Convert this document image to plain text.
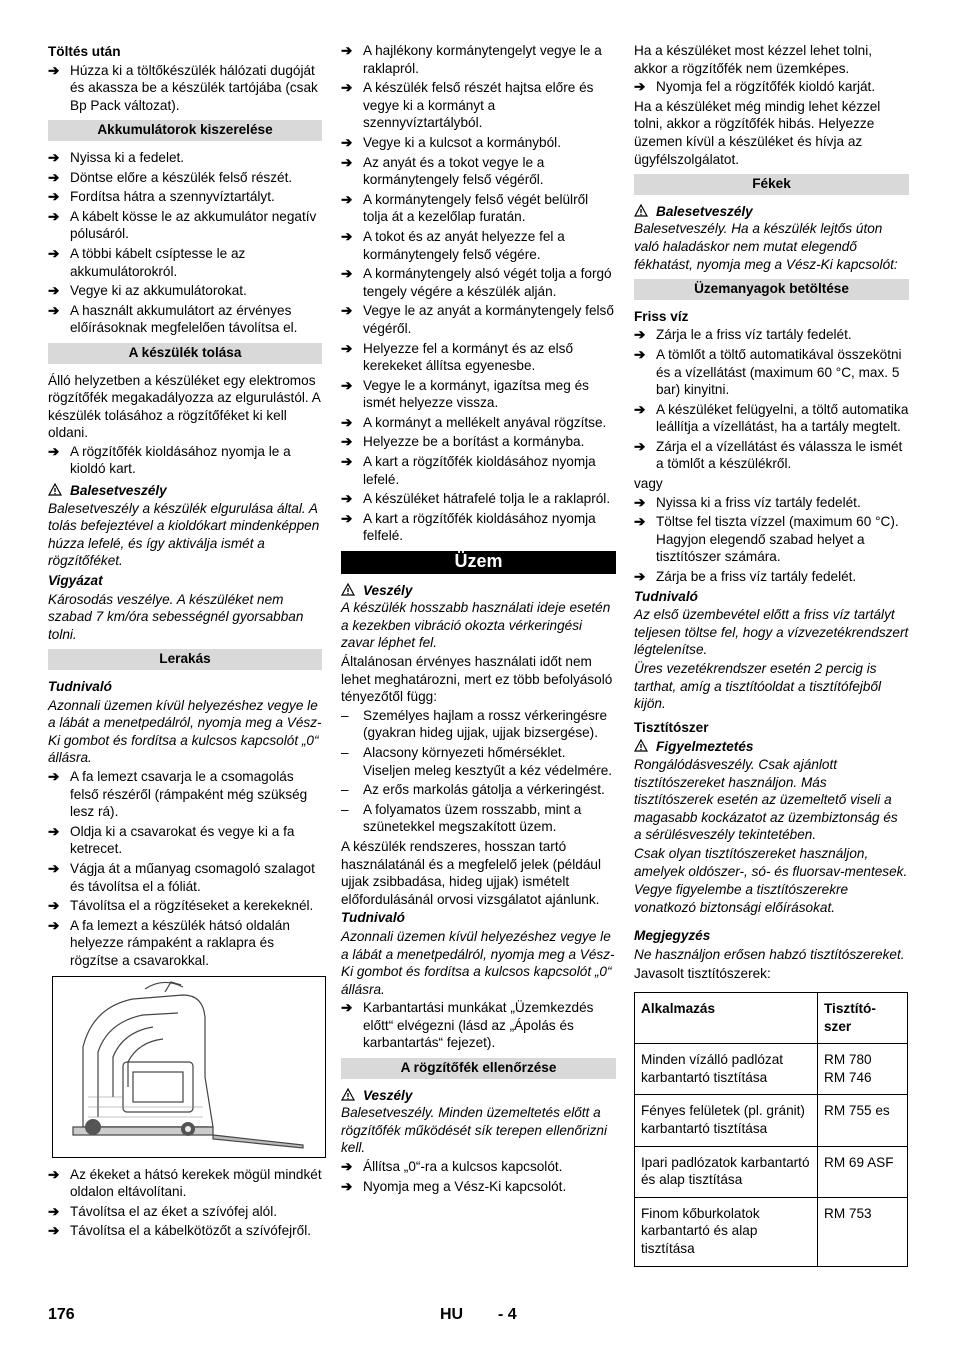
Töltés után

➔ Húzza ki a töltőkészülék hálózati dugóját és akassza be a készülék tartójába (csak Bp Pack változat).
Akkumulátorok kiszerelése
➔ Nyissa ki a fedelet.
➔ Döntse előre a készülék felső részét.
➔ Fordítsa hátra a szennyvíztartályt.
➔ A kábelt kösse le az akkumulátor negatív pólusáról.
➔ A többi kábelt csíptesse le az akkumulátorokról.
➔ Vegye ki az akkumulátorokat.
➔ A használt akkumulátort az érvényes előírásoknak megfelelően távolítsa el.
A készülék tolása

Álló helyzetben a készüléket egy elektromos rögzítőfék megakadályozza az elgurulástól. A készülék tolásához a rögzítőféket ki kell oldani.

➔ A rögzítőfék kioldásához nyomja le a kioldó kart.
Balesetveszély

Balesetveszély a készülék elgurulása által. A tolás befejeztével a kioldókart mindenképpen húzza lefelé, és így aktiválja ismét a rögzítőféket.

Vigyázat

Károsodás veszélye. A készüléket nem szabad 7 km/óra sebességnél gyorsabban tolni.

Lerakás

Tudnivaló

Azonnali üzemen kívül helyezéshez vegye le a lábát a menetpedálról, nyomja meg a Vész-Ki gombot és fordítsa a kulcsos kapcsolót „0“ állásra.

➔ A fa lemezt csavarja le a csomagolás felső részéről (rámpaként még szükség lesz rá).
➔ Oldja ki a csavarokat és vegye ki a fa ketrecet.
➔ Vágja át a műanyag csomagoló szalagot és távolítsa el a fóliát.
➔ Távolítsa el a rögzítéseket a kerekeknél.
➔ A fa lemezt a készülék hátsó oldalán helyezze rámpaként a raklapra és rögzítse a csavarokkal.
➔ Az ékeket a hátsó kerekek mögül mindkét oldalon eltávolítani.
➔ Távolítsa el az éket a szívófej alól.
➔ Távolítsa el a kábelkötözőt a szívófejről.
➔ A hajlékony kormánytengelyt vegye le a raklapról.
➔ A készülék felső részét hajtsa előre és vegye ki a kormányt a szennyvíztartályból.
➔ Vegye ki a kulcsot a kormányból.
➔ Az anyát és a tokot vegye le a kormánytengely felső végéről.
➔ A kormánytengely felső végét belülről tolja át a kezelőlap furatán.
➔ A tokot és az anyát helyezze fel a kormánytengely felső végére.
➔ A kormánytengely alsó végét tolja a forgó tengely végére a készülék alján.
➔ Vegye le az anyát a kormánytengely felső végéről.
➔ Helyezze fel a kormányt és az első kerekeket állítsa egyenesbe.
➔ Vegye le a kormányt, igazítsa meg és ismét helyezze vissza.
➔ A kormányt a mellékelt anyával rögzítse.
➔ Helyezze be a borítást a kormányba.
➔ A kart a rögzítőfék kioldásához nyomja lefelé.
➔ A készüléket hátrafelé tolja le a raklapról.
➔ A kart a rögzítőfék kioldásához nyomja felfelé.
Üzem
Veszély

A készülék hosszabb használati ideje esetén a kezekben vibráció okozta vérkeringési zavar léphet fel.

Általánosan érvényes használati időt nem lehet meghatározni, mert ez több befolyásoló tényezőtől függ:

– Személyes hajlam a rossz vérkeringésre (gyakran hideg ujjak, ujjak bizsergése).
– Alacsony környezeti hőmérséklet. Viseljen meleg kesztyűt a kéz védelmére.
– Az erős markolás gátolja a vérkeringést.
– A folyamatos üzem rosszabb, mint a szünetekkel megszakított üzem.

A készülék rendszeres, hosszan tartó használatánál és a megfelelő jelek (például ujjak zsibbadása, hideg ujjak) ismételt előfordulásánál orvosi vizsgálatot ajánlunk.

Tudnivaló

Azonnali üzemen kívül helyezéshez vegye le a lábát a menetpedálról, nyomja meg a Vész-Ki gombot és fordítsa a kulcsos kapcsolót „0“ állásra.

➔ Karbantartási munkákat „Üzemkezdés előtt“ elvégezni (lásd az „Ápolás és karbantartás“ fejezet).
A rögzítőfék ellenőrzése
Veszély

Balesetveszély. Minden üzemeltetés előtt a rögzítőfék működését sík terepen ellenőrizni kell.

➔ Állítsa „0“-ra a kulcsos kapcsolót.
➔ Nyomja meg a Vész-Ki kapcsolót.

Ha a készüléket most kézzel lehet tolni, akkor a rögzítőfék nem üzemképes.

➔ Nyomja fel a rögzítőfék kioldó karját.

Ha a készüléket még mindig lehet kézzel tolni, akkor a rögzítőfék hibás. Helyezze üzemen kívül a készüléket és hívja az ügyfélszolgálatot.

Fékek
Balesetveszély

Balesetveszély. Ha a készülék lejtős úton való haladáskor nem mutat elegendő fékhatást, nyomja meg a Vész-Ki kapcsolót:

Üzemanyagok betöltése

Friss víz

➔ Zárja le a friss víz tartály fedelét.
➔ A tömlőt a töltő automatikával összekötni és a vízellátást (maximum 60 °C, max. 5 bar) kinyitni.
➔ A készüléket felügyelni, a töltő automatika leállítja a vízellátást, ha a tartály megtelt.
➔ Zárja el a vízellátást és válassza le ismét a tömlőt a készülékről.

vagy

➔ Nyissa ki a friss víz tartály fedelét.
➔ Töltse fel tiszta vízzel (maximum 60 °C). Hagyjon elegendő szabad helyet a tisztítószer számára.
➔ Zárja be a friss víz tartály fedelét.

Tudnivaló

Az első üzembevétel előtt a friss víz tartályt teljesen töltse fel, hogy a vízvezetékrendszert légtelenítse.

Üres vezetékrendszer esetén 2 percig is tarthat, amíg a tisztítóoldat a tisztítófejből kijön.

Tisztítószer

Figyelmeztetés

Rongálódásveszély. Csak ajánlott tisztítószereket használjon. Más tisztítószerek esetén az üzemeltető viseli a magasabb kockázatot az üzembiztonság és a sérülésveszély tekintetében.

Csak olyan tisztítószereket használjon, amelyek oldószer-, só- és fluorsav-mentesek.

Vegye figyelembe a tisztítószerekre vonatkozó biztonsági előírásokat.

Megjegyzés

Ne használjon erősen habzó tisztítószereket.

Javasolt tisztítószerek:

Alkalmazás	Tisztító-szer
Minden vízálló padlózat karbantartó tisztítása	RM 780
RM 746
Fényes felületek (pl. gránit) karbantartó tisztítása	RM 755 es
Ipari padlózatok karbantartó és alap tisztítása	RM 69 ASF
Finom kőburkolatok karbantartó és alap tisztítása	RM 753
176	HU - 4
